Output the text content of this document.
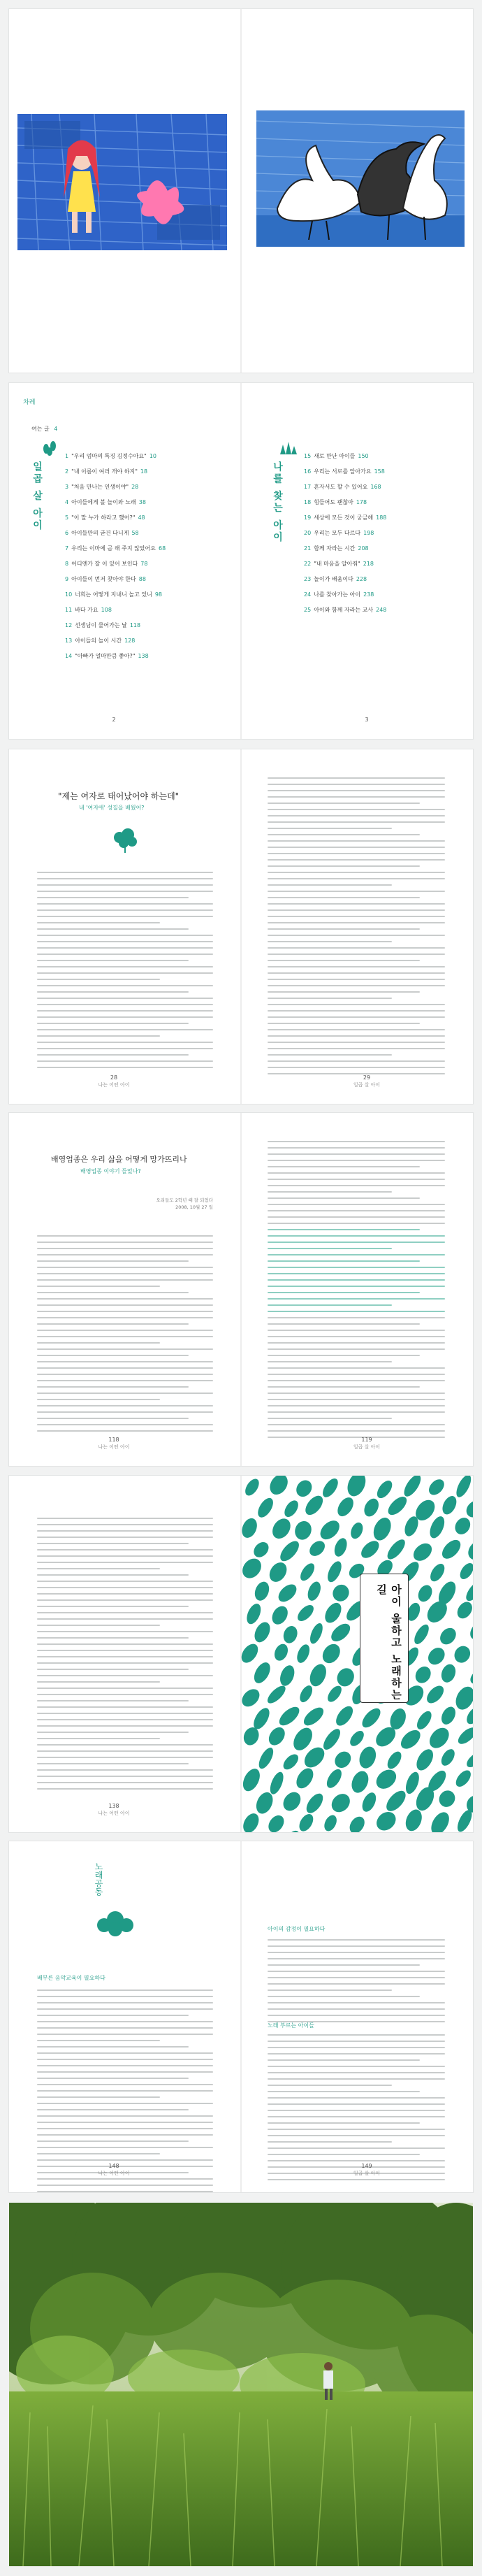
차례
여는 글 4
일곱 살 아이
1 "우리 엄마의 특징 김정수아요" 10
2 "내 이름이 여러 개야 하지" 18
3 "처음 만나는 인생이야" 28
4 아이들에게 볼 놀이와 노래 38
5 "이 말 누가 하라고 했어?" 48
6 아이들만의 굳건 다니게 58
7 우리는 이마에 곰 해 주지 않았어요 68
8 어디엔가 잘 이 있어 보인다 78
9 아이들이 먼저 찾아야 한다 88
10 너희는 어떻게 지내니 놀고 있니 98
11 바다 가요 108
12 선생님이 물어가는 날 118
13 아이들의 놀이 시간 128
14 "아빠가 얼마만큼 좋아?" 138
2
나를 찾는 아이
15 새로 만난 아이들 150
16 우리는 서로를 알아가요 158
17 혼자서도 할 수 있어요 168
18 힘들어도 괜찮아 178
19 세상에 모든 것이 궁금해 188
20 우리는 모두 다르다 198
21 함께 자라는 시간 208
22 "내 마음을 알아줘" 218
23 놀이가 배움이다 228
24 나를 찾아가는 아이 238
25 아이와 함께 자라는 교사 248
3
"제는 여자로 태어났어야 하는데"
내 '여자애' 성질을 배웠어?
28
나는 어떤 아이
29
일곱 살 아이
배영업종은 우리 삶을 어떻게 망가뜨리나
배영업종 이야기 들었나?
오리들도 2학년 때 잘 되었다
2008, 10월 27 일
118
나는 어떤 아이
119
일곱 살 아이
138
나는 어떤 아이
아이 울하고 노래하는 길
노래공동
배부른 음악교육이 필요하다
148
나는 어떤 아이
아이의 감정이 필요하다
노래 부르는 아이들
149
일곱 살 아이
